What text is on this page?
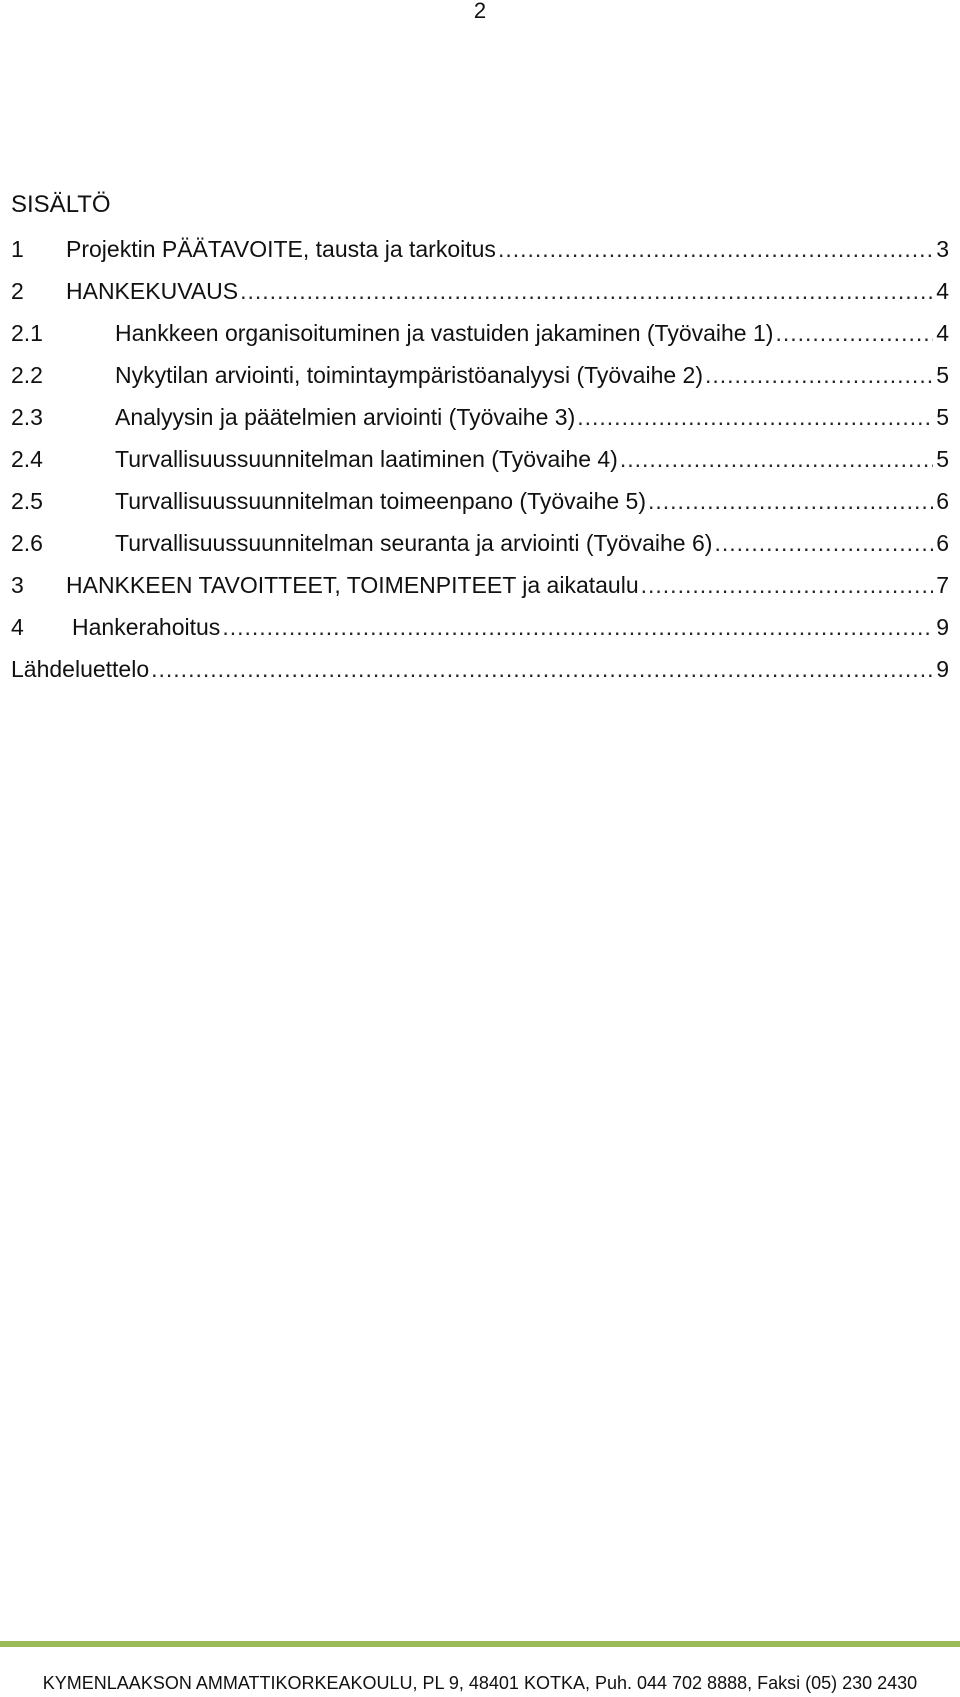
2
SISÄLTÖ
1	Projektin PÄÄTAVOITE, tausta ja tarkoitus .....	3
2	HANKEKUVAUS .....	4
2.1	Hankkeen organisoituminen ja vastuiden jakaminen (Työvaihe 1) .....	4
2.2	Nykytilan arviointi, toimintaympäristöanalyysi (Työvaihe 2) .....	5
2.3	Analyysin ja päätelmien arviointi (Työvaihe 3) .....	5
2.4	Turvallisuussuunnitelman laatiminen (Työvaihe 4) .....	5
2.5	Turvallisuussuunnitelman toimeenpano (Työvaihe 5) .....	6
2.6	Turvallisuussuunnitelman seuranta ja arviointi (Työvaihe 6) .....	6
3	HANKKEEN TAVOITTEET, TOIMENPITEET ja aikataulu .....	7
4	Hankerahoitus .....	9
Lähdeluettelo .....	9
KYMENLAAKSON AMMATTIKORKEAKOULU, PL 9, 48401 KOTKA, Puh. 044 702 8888, Faksi (05) 230 2430
